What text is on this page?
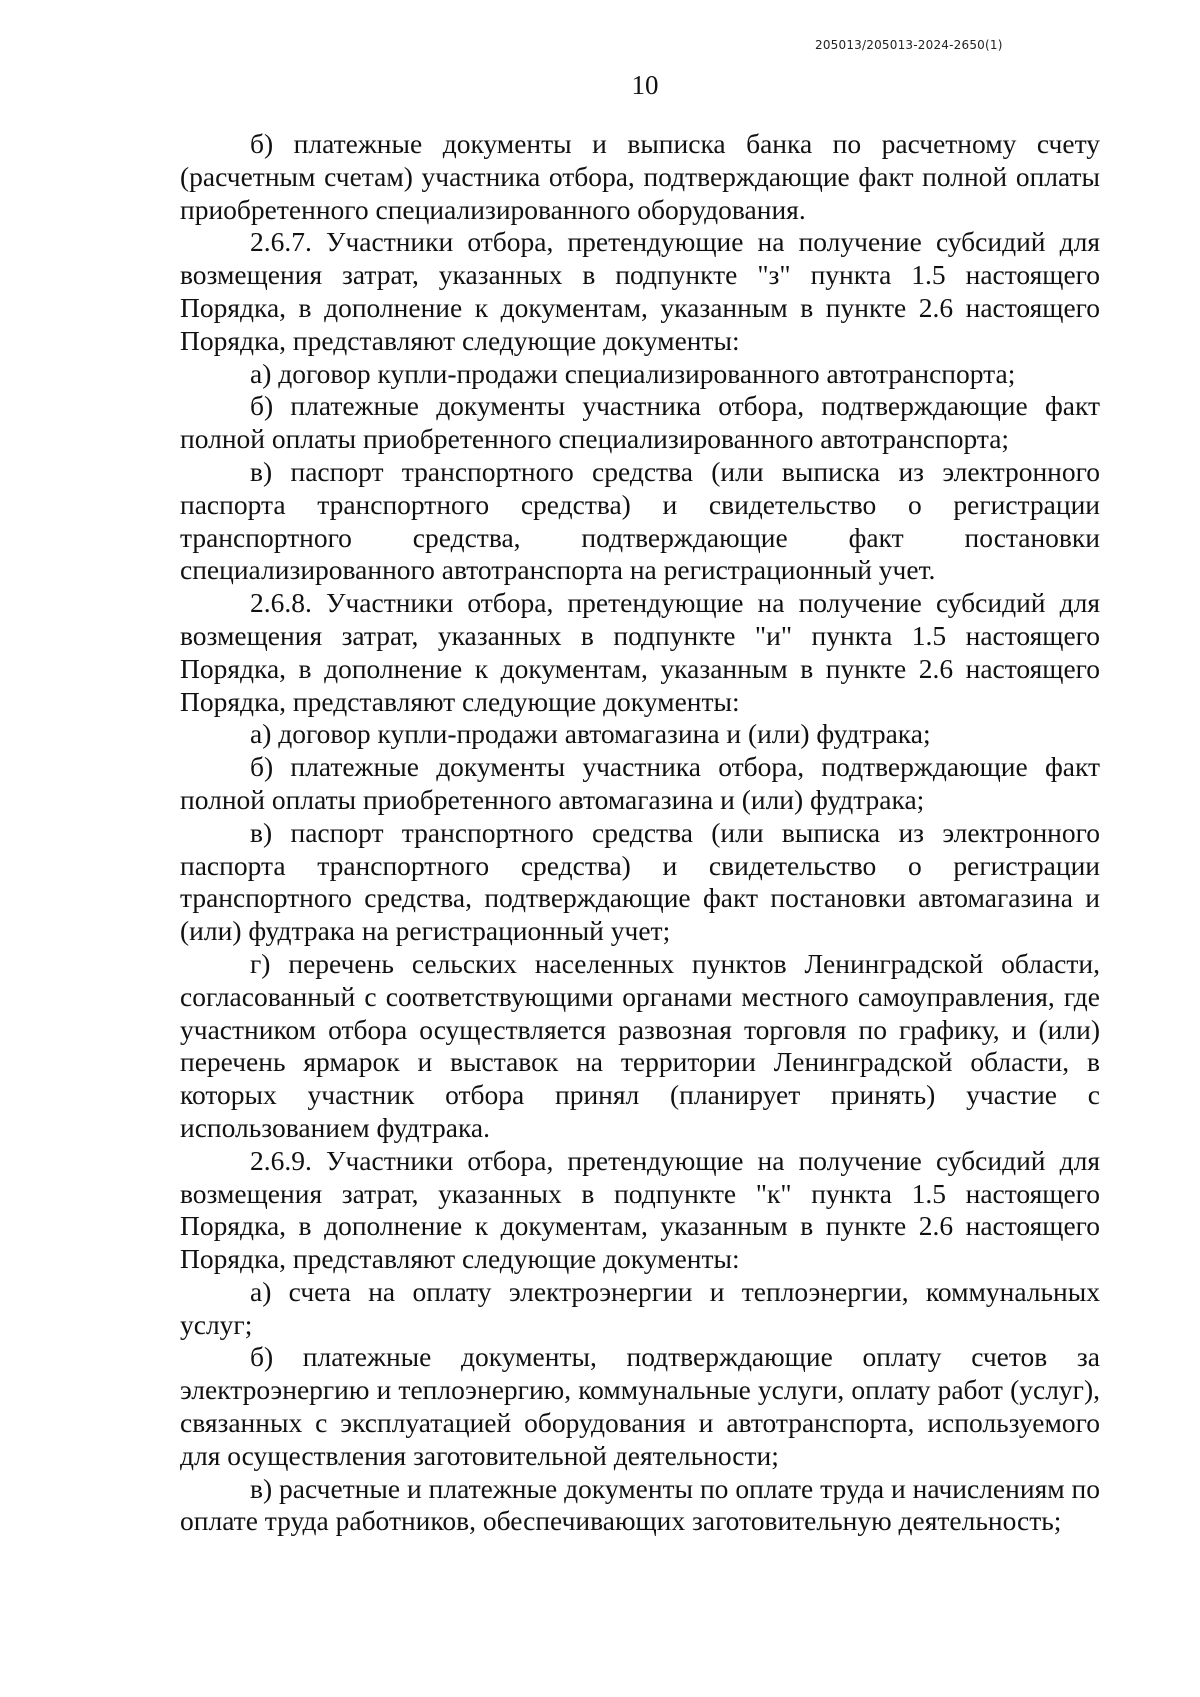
205013/205013-2024-2650(1)
10

б) платежные документы и выписка банка по расчетному счету (расчетным счетам) участника отбора, подтверждающие факт полной оплаты приобретенного специализированного оборудования.

2.6.7. Участники отбора, претендующие на получение субсидий для возмещения затрат, указанных в подпункте "з" пункта 1.5 настоящего Порядка, в дополнение к документам, указанным в пункте 2.6 настоящего Порядка, представляют следующие документы:

а) договор купли-продажи специализированного автотранспорта;

б) платежные документы участника отбора, подтверждающие факт полной оплаты приобретенного специализированного автотранспорта;

в) паспорт транспортного средства (или выписка из электронного паспорта транспортного средства) и свидетельство о регистрации транспортного средства, подтверждающие факт постановки специализированного автотранспорта на регистрационный учет.

2.6.8. Участники отбора, претендующие на получение субсидий для возмещения затрат, указанных в подпункте "и" пункта 1.5 настоящего Порядка, в дополнение к документам, указанным в пункте 2.6 настоящего Порядка, представляют следующие документы:

а) договор купли-продажи автомагазина и (или) фудтрака;

б) платежные документы участника отбора, подтверждающие факт полной оплаты приобретенного автомагазина и (или) фудтрака;

в) паспорт транспортного средства (или выписка из электронного паспорта транспортного средства) и свидетельство о регистрации транспортного средства, подтверждающие факт постановки автомагазина и (или) фудтрака на регистрационный учет;

г) перечень сельских населенных пунктов Ленинградской области, согласованный с соответствующими органами местного самоуправления, где участником отбора осуществляется развозная торговля по графику, и (или) перечень ярмарок и выставок на территории Ленинградской области, в которых участник отбора принял (планирует принять) участие с использованием фудтрака.

2.6.9. Участники отбора, претендующие на получение субсидий для возмещения затрат, указанных в подпункте "к" пункта 1.5 настоящего Порядка, в дополнение к документам, указанным в пункте 2.6 настоящего Порядка, представляют следующие документы:

а) счета на оплату электроэнергии и теплоэнергии, коммунальных услуг;

б) платежные документы, подтверждающие оплату счетов за электроэнергию и теплоэнергию, коммунальные услуги, оплату работ (услуг), связанных с эксплуатацией оборудования и автотранспорта, используемого для осуществления заготовительной деятельности;

в) расчетные и платежные документы по оплате труда и начислениям по оплате труда работников, обеспечивающих заготовительную деятельность;
